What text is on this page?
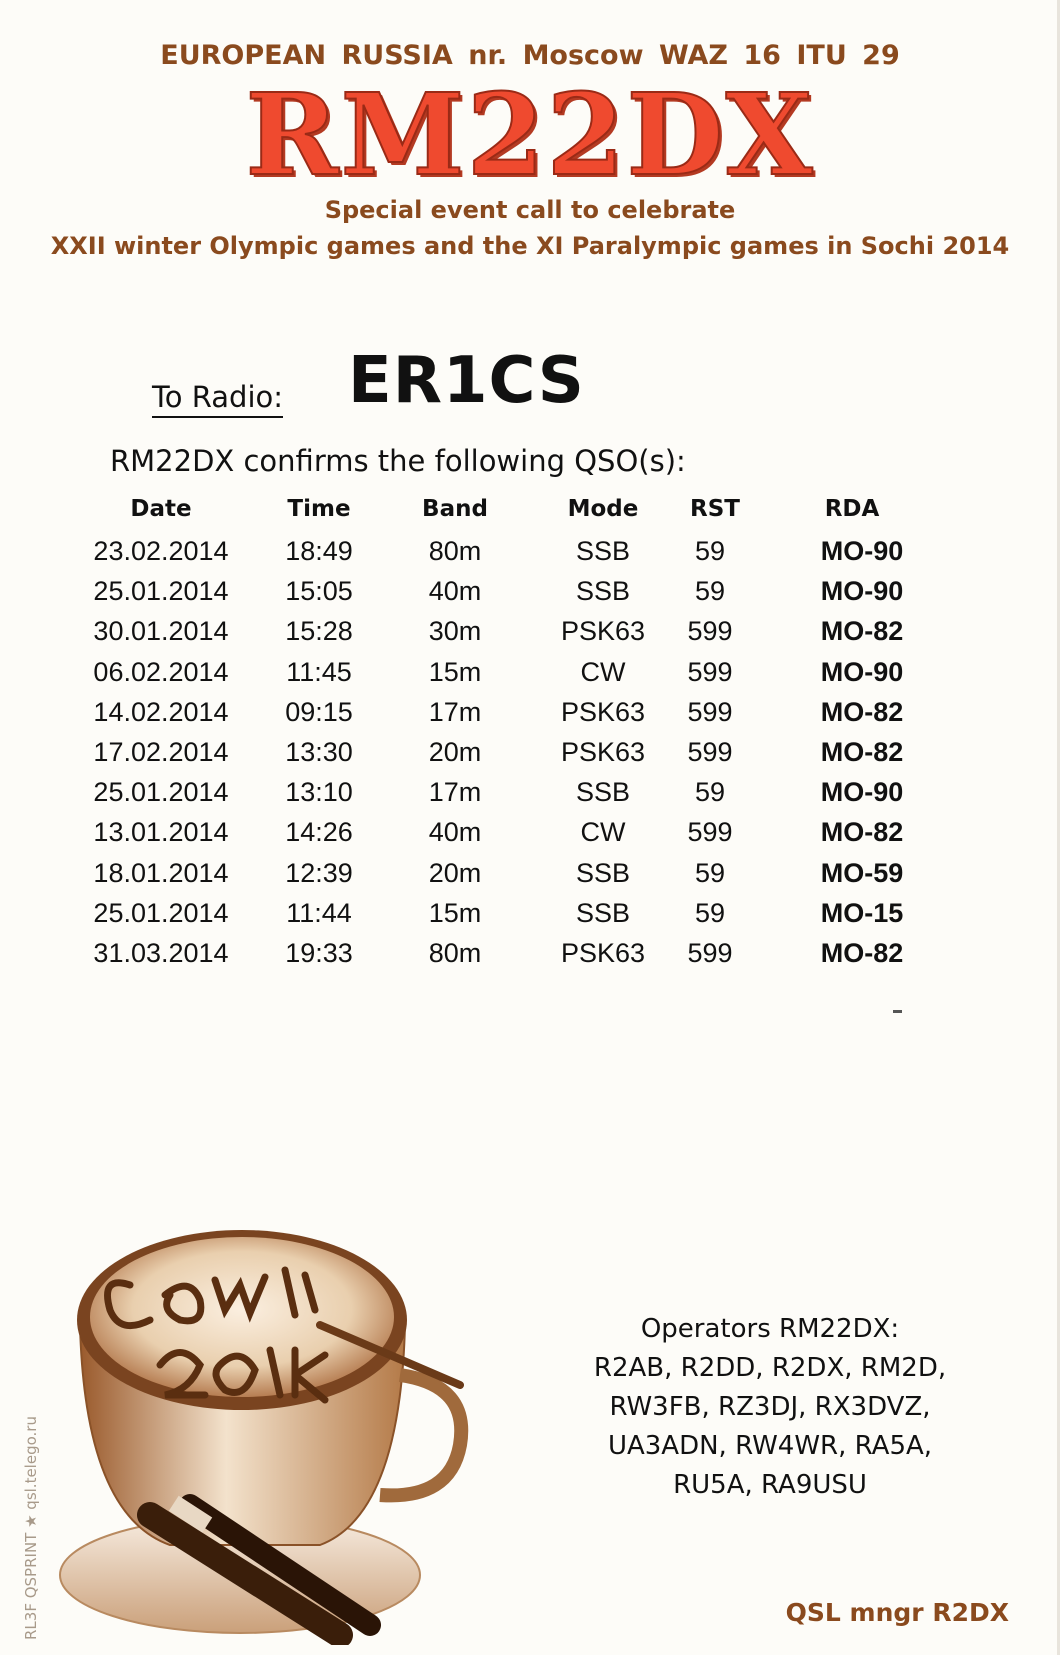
EUROPEAN RUSSIA nr. Moscow WAZ 16 ITU 29
RM22DX
Special event call to celebrate
XXII winter Olympic games and the XI Paralympic games in Sochi 2014
To Radio: ER1CS
RM22DX confirms the following QSO(s):
Date	Time	Band	Mode RST	RDA
23.02.2014 18:49	80m	SSB 59	MO-90
25.01.2014 15:05	40m	SSB 59	MO-90
30.01.2014 15:28	30m	PSK63 599	MO-82
06.02.2014 11:45	15m	CW 599	MO-90
14.02.2014 09:15	17m	PSK63 599	MO-82
17.02.2014 13:30	20m	PSK63 599	MO-82
25.01.2014 13:10	17m	SSB 59	MO-90
13.01.2014 14:26	40m	CW 599	MO-82
18.01.2014 12:39	20m	SSB 59	MO-59
25.01.2014 11:44	15m	SSB 59	MO-15
31.03.2014 19:33	80m	PSK63 599	MO-82
Operators RM22DX:
R2AB, R2DD, R2DX, RM2D,
RW3FB, RZ3DJ, RX3DVZ,
UA3ADN, RW4WR, RA5A,
RU5A, RA9USU
QSL mngr R2DX
RL3F QSPRINT ★ qsl.telego.ru
